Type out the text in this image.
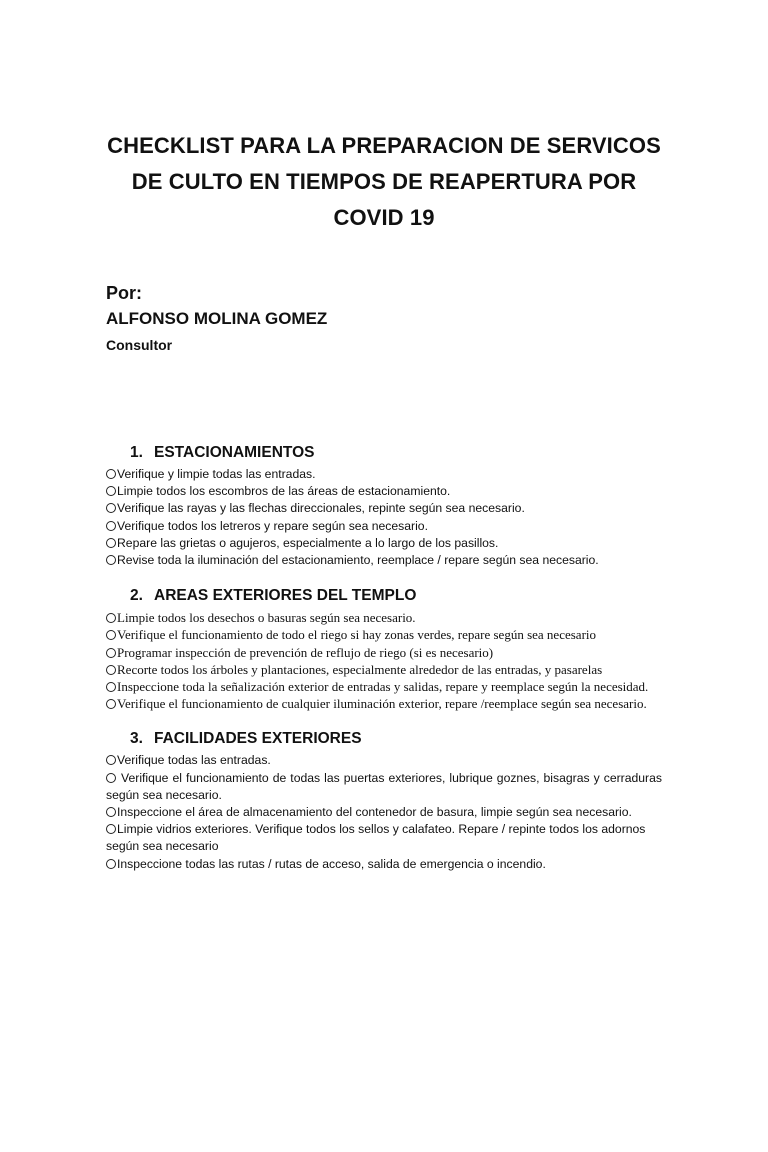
CHECKLIST PARA LA PREPARACION DE SERVICOS
DE CULTO EN TIEMPOS DE REAPERTURA POR
COVID 19

Por:

ALFONSO MOLINA GOMEZ

Consultor

1. ESTACIONAMIENTOS
Verifique y limpie todas las entradas.
Limpie todos los escombros de las áreas de estacionamiento.
Verifique las rayas y las flechas direccionales, repinte según sea necesario.
Verifique todos los letreros y repare según sea necesario.
Repare las grietas o agujeros, especialmente a lo largo de los pasillos.
Revise toda la iluminación del estacionamiento, reemplace / repare según sea necesario.
2. AREAS EXTERIORES DEL TEMPLO
Limpie todos los desechos o basuras según sea necesario.
Verifique el funcionamiento de todo el riego si hay zonas verdes, repare según sea necesario
Programar inspección de prevención de reflujo de riego (si es necesario)
Recorte todos los árboles y plantaciones, especialmente alrededor de las entradas, y pasarelas
Inspeccione toda la señalización exterior de entradas y salidas, repare y reemplace según la necesidad.
Verifique el funcionamiento de cualquier iluminación exterior, repare /reemplace según sea necesario.
3. FACILIDADES EXTERIORES
Verifique todas las entradas.
Verifique el funcionamiento de todas las puertas exteriores, lubrique goznes, bisagras y cerraduras según sea necesario.
Inspeccione el área de almacenamiento del contenedor de basura, limpie según sea necesario.
Limpie vidrios exteriores. Verifique todos los sellos y calafateo. Repare / repinte todos los adornos según sea necesario
Inspeccione todas las rutas / rutas de acceso, salida de emergencia o incendio.
